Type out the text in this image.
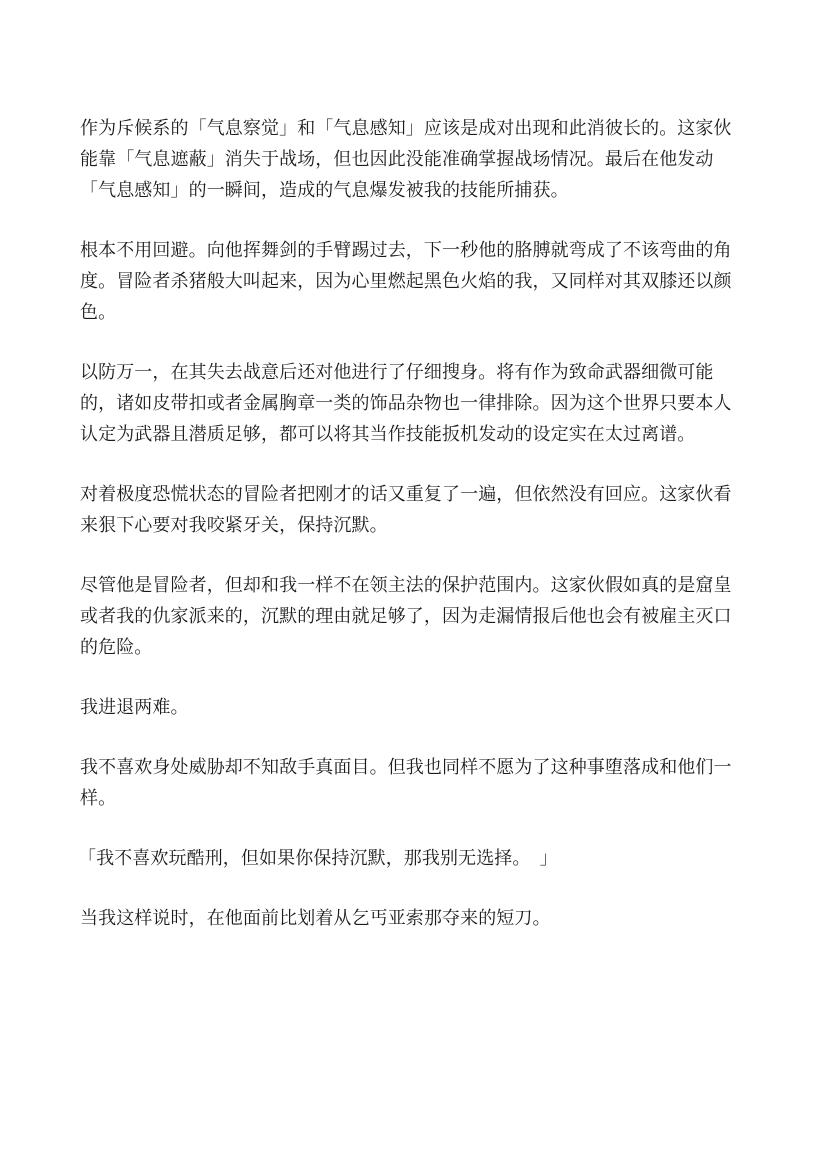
作为斥候系的「气息察觉」和「气息感知」应该是成对出现和此消彼长的。这家伙能靠「气息遮蔽」消失于战场，但也因此没能准确掌握战场情况。最后在他发动「气息感知」的一瞬间，造成的气息爆发被我的技能所捕获。

根本不用回避。向他挥舞剑的手臂踢过去，下一秒他的胳膊就弯成了不该弯曲的角度。冒险者杀猪般大叫起来，因为心里燃起黑色火焰的我，又同样对其双膝还以颜色。

以防万一，在其失去战意后还对他进行了仔细搜身。将有作为致命武器细微可能的，诸如皮带扣或者金属胸章一类的饰品杂物也一律排除。因为这个世界只要本人认定为武器且潜质足够，都可以将其当作技能扳机发动的设定实在太过离谱。

对着极度恐慌状态的冒险者把刚才的话又重复了一遍，但依然没有回应。这家伙看来狠下心要对我咬紧牙关，保持沉默。

尽管他是冒险者，但却和我一样不在领主法的保护范围内。这家伙假如真的是窟皇或者我的仇家派来的，沉默的理由就足够了，因为走漏情报后他也会有被雇主灭口的危险。

我进退两难。

我不喜欢身处威胁却不知敌手真面目。但我也同样不愿为了这种事堕落成和他们一样。

「我不喜欢玩酷刑，但如果你保持沉默，那我别无选择。　」

当我这样说时，在他面前比划着从乞丐亚索那夺来的短刀。
